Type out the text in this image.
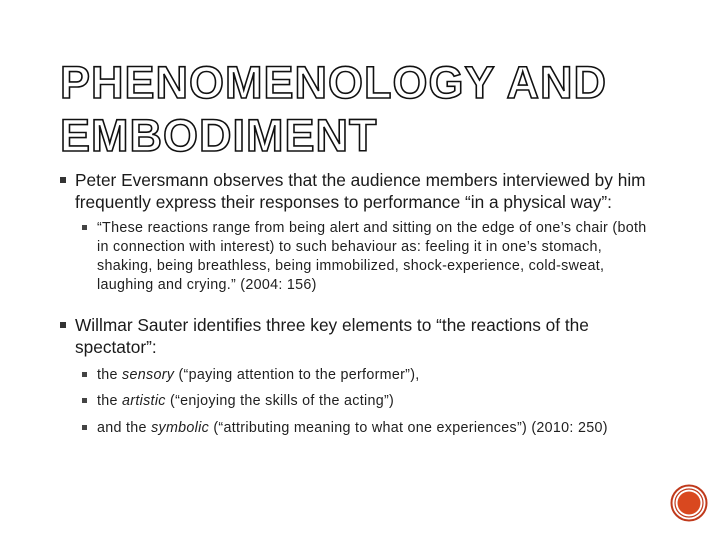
PHENOMENOLOGY AND
EMBODIMENT
Peter Eversmann observes that the audience members interviewed by him frequently express their responses to performance “in a physical way”:
“These reactions range from being alert and sitting on the edge of one’s chair (both in connection with interest) to such behaviour as: feeling it in one’s stomach, shaking, being breathless, being immobilized, shock-experience, cold-sweat, laughing and crying.” (2004: 156)
Willmar Sauter identifies three key elements to “the reactions of the spectator”:
the sensory (“paying attention to the performer”),
the artistic (“enjoying the skills of the acting”)
and the symbolic (“attributing meaning to what one experiences”) (2010: 250)
